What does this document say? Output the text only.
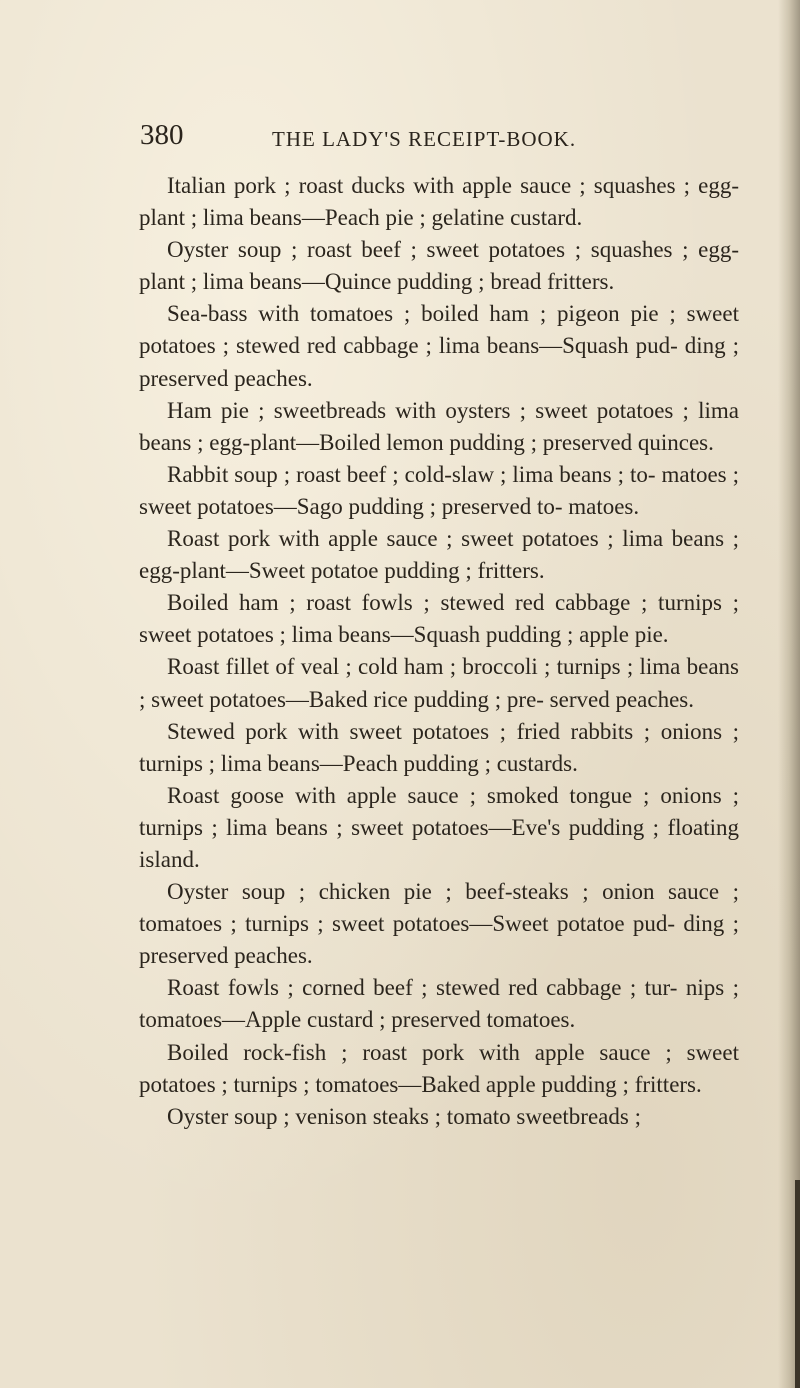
380	THE LADY'S RECEIPT-BOOK.

Italian pork ; roast ducks with apple sauce ; squashes ; egg-plant ; lima beans—Peach pie ; gelatine custard.

Oyster soup ; roast beef ; sweet potatoes ; squashes ; egg-plant ; lima beans—Quince pudding ; bread fritters.

Sea-bass with tomatoes ; boiled ham ; pigeon pie ; sweet potatoes ; stewed red cabbage ; lima beans—Squash pud- ding ; preserved peaches.

Ham pie ; sweetbreads with oysters ; sweet potatoes ; lima beans ; egg-plant—Boiled lemon pudding ; preserved quinces.

Rabbit soup ; roast beef ; cold-slaw ; lima beans ; to- matoes ; sweet potatoes—Sago pudding ; preserved to- matoes.

Roast pork with apple sauce ; sweet potatoes ; lima beans ; egg-plant—Sweet potatoe pudding ; fritters.

Boiled ham ; roast fowls ; stewed red cabbage ; turnips ; sweet potatoes ; lima beans—Squash pudding ; apple pie.

Roast fillet of veal ; cold ham ; broccoli ; turnips ; lima beans ; sweet potatoes—Baked rice pudding ; pre- served peaches.

Stewed pork with sweet potatoes ; fried rabbits ; onions ; turnips ; lima beans—Peach pudding ; custards.

Roast goose with apple sauce ; smoked tongue ; onions ; turnips ; lima beans ; sweet potatoes—Eve's pudding ; floating island.

Oyster soup ; chicken pie ; beef-steaks ; onion sauce ; tomatoes ; turnips ; sweet potatoes—Sweet potatoe pud- ding ; preserved peaches.

Roast fowls ; corned beef ; stewed red cabbage ; tur- nips ; tomatoes—Apple custard ; preserved tomatoes.

Boiled rock-fish ; roast pork with apple sauce ; sweet potatoes ; turnips ; tomatoes—Baked apple pudding ; fritters.

Oyster soup ; venison steaks ; tomato sweetbreads ;
